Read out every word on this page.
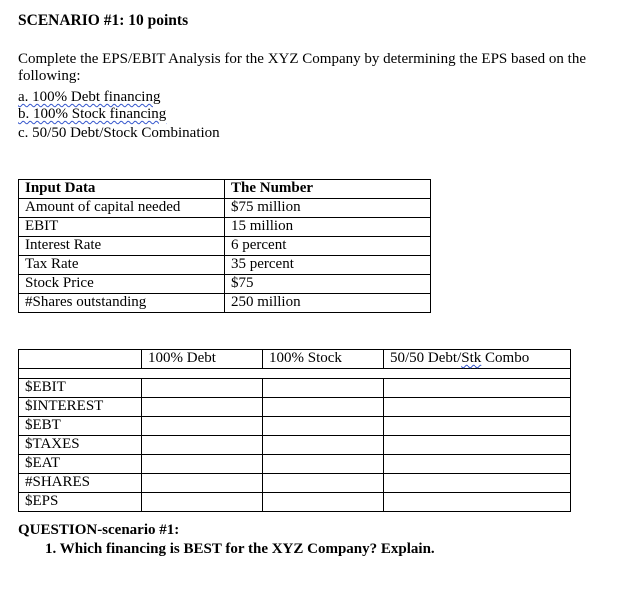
SCENARIO #1: 10 points
Complete the EPS/EBIT Analysis for the XYZ Company by determining the EPS based on the following:
a. 100% Debt financing
b. 100% Stock financing
c. 50/50 Debt/Stock Combination
Input Data	The Number
Amount of capital needed	$75 million
EBIT	15 million
Interest Rate	6 percent
Tax Rate	35 percent
Stock Price	$75
#Shares outstanding	250 million
	100% Debt	100% Stock	50/50 Debt/Stk Combo

$EBIT			
$INTEREST			
$EBT			
$TAXES			
$EAT			
#SHARES			
$EPS			
QUESTION-scenario #1:
1. Which financing is BEST for the XYZ Company? Explain.
